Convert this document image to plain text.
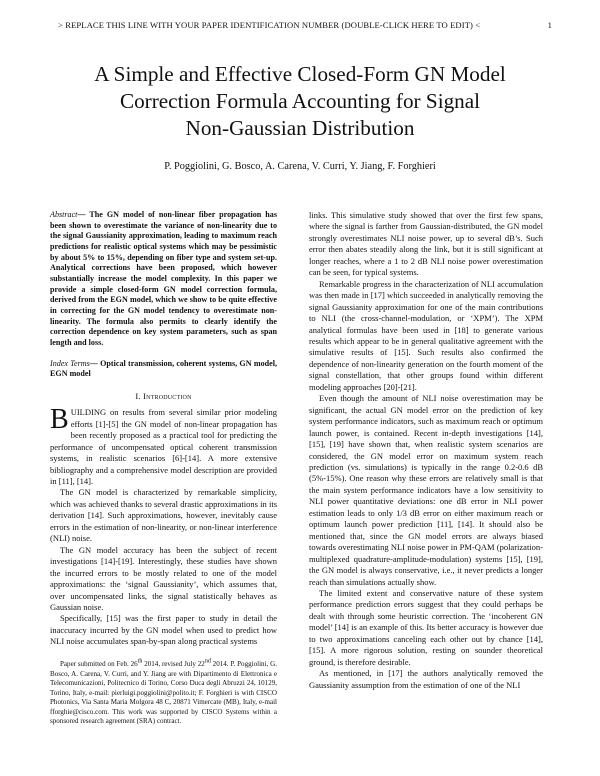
> REPLACE THIS LINE WITH YOUR PAPER IDENTIFICATION NUMBER (DOUBLE-CLICK HERE TO EDIT) <	1
A Simple and Effective Closed-Form GN Model
Correction Formula Accounting for Signal
Non-Gaussian Distribution
P. Poggiolini, G. Bosco, A. Carena, V. Curri, Y. Jiang, F. Forghieri

Abstract— The GN model of non-linear fiber propagation has been shown to overestimate the variance of non-linearity due to the signal Gaussianity approximation, leading to maximum reach predictions for realistic optical systems which may be pessimistic by about 5% to 15%, depending on fiber type and system set-up. Analytical corrections have been proposed, which however substantially increase the model complexity. In this paper we provide a simple closed-form GN model correction formula, derived from the EGN model, which we show to be quite effective in correcting for the GN model tendency to overestimate non-linearity. The formula also permits to clearly identify the correction dependence on key system parameters, such as span length and loss.

Index Terms— Optical transmission, coherent systems, GN model, EGN model

I. Introduction

BUILDING on results from several similar prior modeling efforts [1]-[5] the GN model of non-linear propagation has been recently proposed as a practical tool for predicting the performance of uncompensated optical coherent transmission systems, in realistic scenarios [6]-[14]. A more extensive bibliography and a comprehensive model description are provided in [11], [14].

The GN model is characterized by remarkable simplicity, which was achieved thanks to several drastic approximations in its derivation [14]. Such approximations, however, inevitably cause errors in the estimation of non-linearity, or non-linear interference (NLI) noise.

The GN model accuracy has been the subject of recent investigations [14]-[19]. Interestingly, these studies have shown the incurred errors to be mostly related to one of the model approximations: the ‘signal Gaussianity’, which assumes that, over uncompensated links, the signal statistically behaves as Gaussian noise.

Specifically, [15] was the first paper to study in detail the inaccuracy incurred by the GN model when used to predict how NLI noise accumulates span-by-span along practical systems

Paper submitted on Feb. 26th 2014, revised July 22nd 2014. P. Poggiolini, G. Bosco, A. Carena, V. Curri, and Y. Jiang are with Dipartimento di Elettronica e Telecomunicazioni, Politecnico di Torino, Corso Duca degli Abruzzi 24, 10129, Torino, Italy, e-mail: pierluigi.poggiolini@polito.it; F. Forghieri is with CISCO Photonics, Via Santa Maria Molgora 48 C, 20871 Vimercate (MB), Italy, e-mail fforghie@cisco.com. This work was supported by CISCO Systems within a sponsored research agreement (SRA) contract.

links. This simulative study showed that over the first few spans, where the signal is farther from Gaussian-distributed, the GN model strongly overestimates NLI noise power, up to several dB’s. Such error then abates steadily along the link, but it is still significant at longer reaches, where a 1 to 2 dB NLI noise power overestimation can be seen, for typical systems.

Remarkable progress in the characterization of NLI accumulation was then made in [17] which succeeded in analytically removing the signal Gaussianity approximation for one of the main contributions to NLI (the cross-channel-modulation, or ‘XPM’). The XPM analytical formulas have been used in [18] to generate various results which appear to be in general qualitative agreement with the simulative results of [15]. Such results also confirmed the dependence of non-linearity generation on the fourth moment of the signal constellation, that other groups found within different modeling approaches [20]-[21].

Even though the amount of NLI noise overestimation may be significant, the actual GN model error on the prediction of key system performance indicators, such as maximum reach or optimum launch power, is contained. Recent in-depth investigations [14], [15], [19] have shown that, when realistic system scenarios are considered, the GN model error on maximum system reach prediction (vs. simulations) is typically in the range 0.2-0.6 dB (5%-15%). One reason why these errors are relatively small is that the main system performance indicators have a low sensitivity to NLI power quantitative deviations: one dB error in NLI power estimation leads to only 1/3 dB error on either maximum reach or optimum launch power prediction [11], [14]. It should also be mentioned that, since the GN model errors are always biased towards overestimating NLI noise power in PM-QAM (polarization-multiplexed quadrature-amplitude-modulation) systems [15], [19], the GN model is always conservative, i.e., it never predicts a longer reach than simulations actually show.

The limited extent and conservative nature of these system performance prediction errors suggest that they could perhaps be dealt with through some heuristic correction. The ‘incoherent GN model’ [14] is an example of this. Its better accuracy is however due to two approximations canceling each other out by chance [14], [15]. A more rigorous solution, resting on sounder theoretical ground, is therefore desirable.

As mentioned, in [17] the authors analytically removed the Gaussianity assumption from the estimation of one of the NLI
